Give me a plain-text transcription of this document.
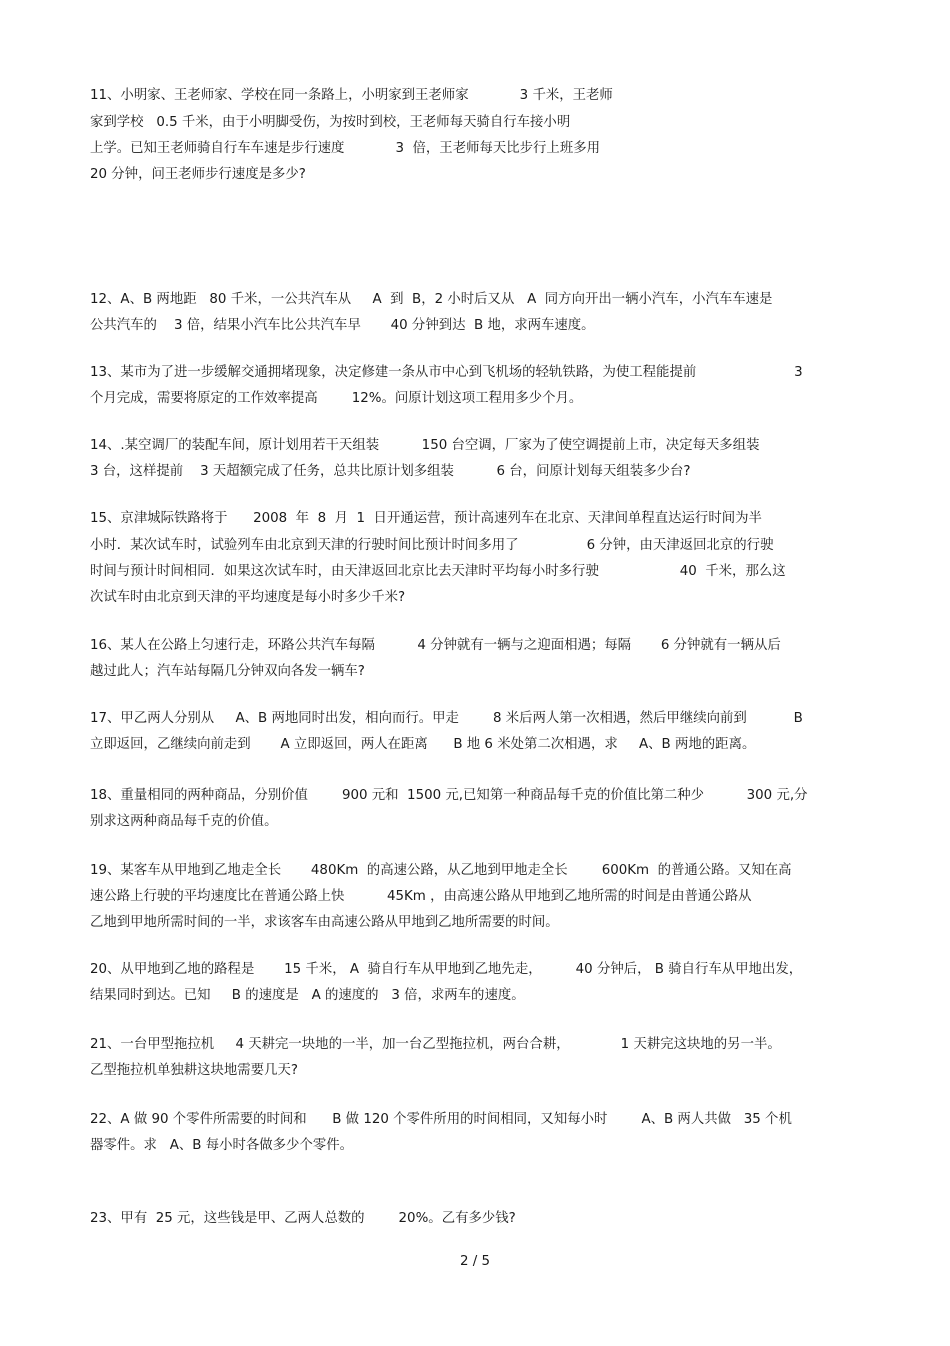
11、小明家、王老师家、学校在同一条路上，小明家到王老师家            3 千米，王老师
家到学校   0.5 千米，由于小明脚受伤，为按时到校，王老师每天骑自行车接小明
上学。已知王老师骑自行车车速是步行速度            3  倍，王老师每天比步行上班多用
20 分钟，问王老师步行速度是多少?
12、A、B 两地距   80 千米，一公共汽车从     A  到  B，2 小时后又从   A  同方向开出一辆小汽车，小汽车车速是
公共汽车的    3 倍，结果小汽车比公共汽车早       40 分钟到达  B 地，求两车速度。
13、某市为了进一步缓解交通拥堵现象，决定修建一条从市中心到飞机场的轻轨铁路，为使工程能提前                       3
个月完成，需要将原定的工作效率提高        12%。问原计划这项工程用多少个月。
14、.某空调厂的装配车间，原计划用若干天组装          150 台空调，厂家为了使空调提前上市，决定每天多组装
3 台，这样提前    3 天超额完成了任务，总共比原计划多组装          6 台，问原计划每天组装多少台?
15、京津城际铁路将于      2008  年  8  月  1  日开通运营，预计高速列车在北京、天津间单程直达运行时间为半
小时．某次试车时，试验列车由北京到天津的行驶时间比预计时间多用了                6 分钟，由天津返回北京的行驶
时间与预计时间相同．如果这次试车时，由天津返回北京比去天津时平均每小时多行驶                   40  千米，那么这
次试车时由北京到天津的平均速度是每小时多少千米?
16、某人在公路上匀速行走，环路公共汽车每隔          4 分钟就有一辆与之迎面相遇；每隔       6 分钟就有一辆从后
越过此人；汽车站每隔几分钟双向各发一辆车?
17、甲乙两人分别从     A、B 两地同时出发，相向而行。甲走        8 米后两人第一次相遇，然后甲继续向前到           B
立即返回，乙继续向前走到       A 立即返回，两人在距离      B 地 6 米处第二次相遇，求     A、B 两地的距离。
18、重量相同的两种商品，分别价值        900 元和  1500 元,已知第一种商品每千克的价值比第二种少          300 元,分
别求这两种商品每千克的价值。
19、某客车从甲地到乙地走全长       480Km  的高速公路，从乙地到甲地走全长        600Km  的普通公路。又知在高
速公路上行驶的平均速度比在普通公路上快          45Km ，由高速公路从甲地到乙地所需的时间是由普通公路从
乙地到甲地所需时间的一半，求该客车由高速公路从甲地到乙地所需要的时间。
20、从甲地到乙地的路程是       15 千米， A  骑自行车从甲地到乙地先走，        40 分钟后， B 骑自行车从甲地出发，
结果同时到达。已知     B 的速度是   A 的速度的   3 倍，求两车的速度。
21、一台甲型拖拉机     4 天耕完一块地的一半，加一台乙型拖拉机，两台合耕，            1 天耕完这块地的另一半。
乙型拖拉机单独耕这块地需要几天?
22、A 做 90 个零件所需要的时间和      B 做 120 个零件所用的时间相同，又知每小时        A、B 两人共做   35 个机
器零件。求   A、B 每小时各做多少个零件。
23、甲有  25 元，这些钱是甲、乙两人总数的        20%。乙有多少钱?
2 / 5
